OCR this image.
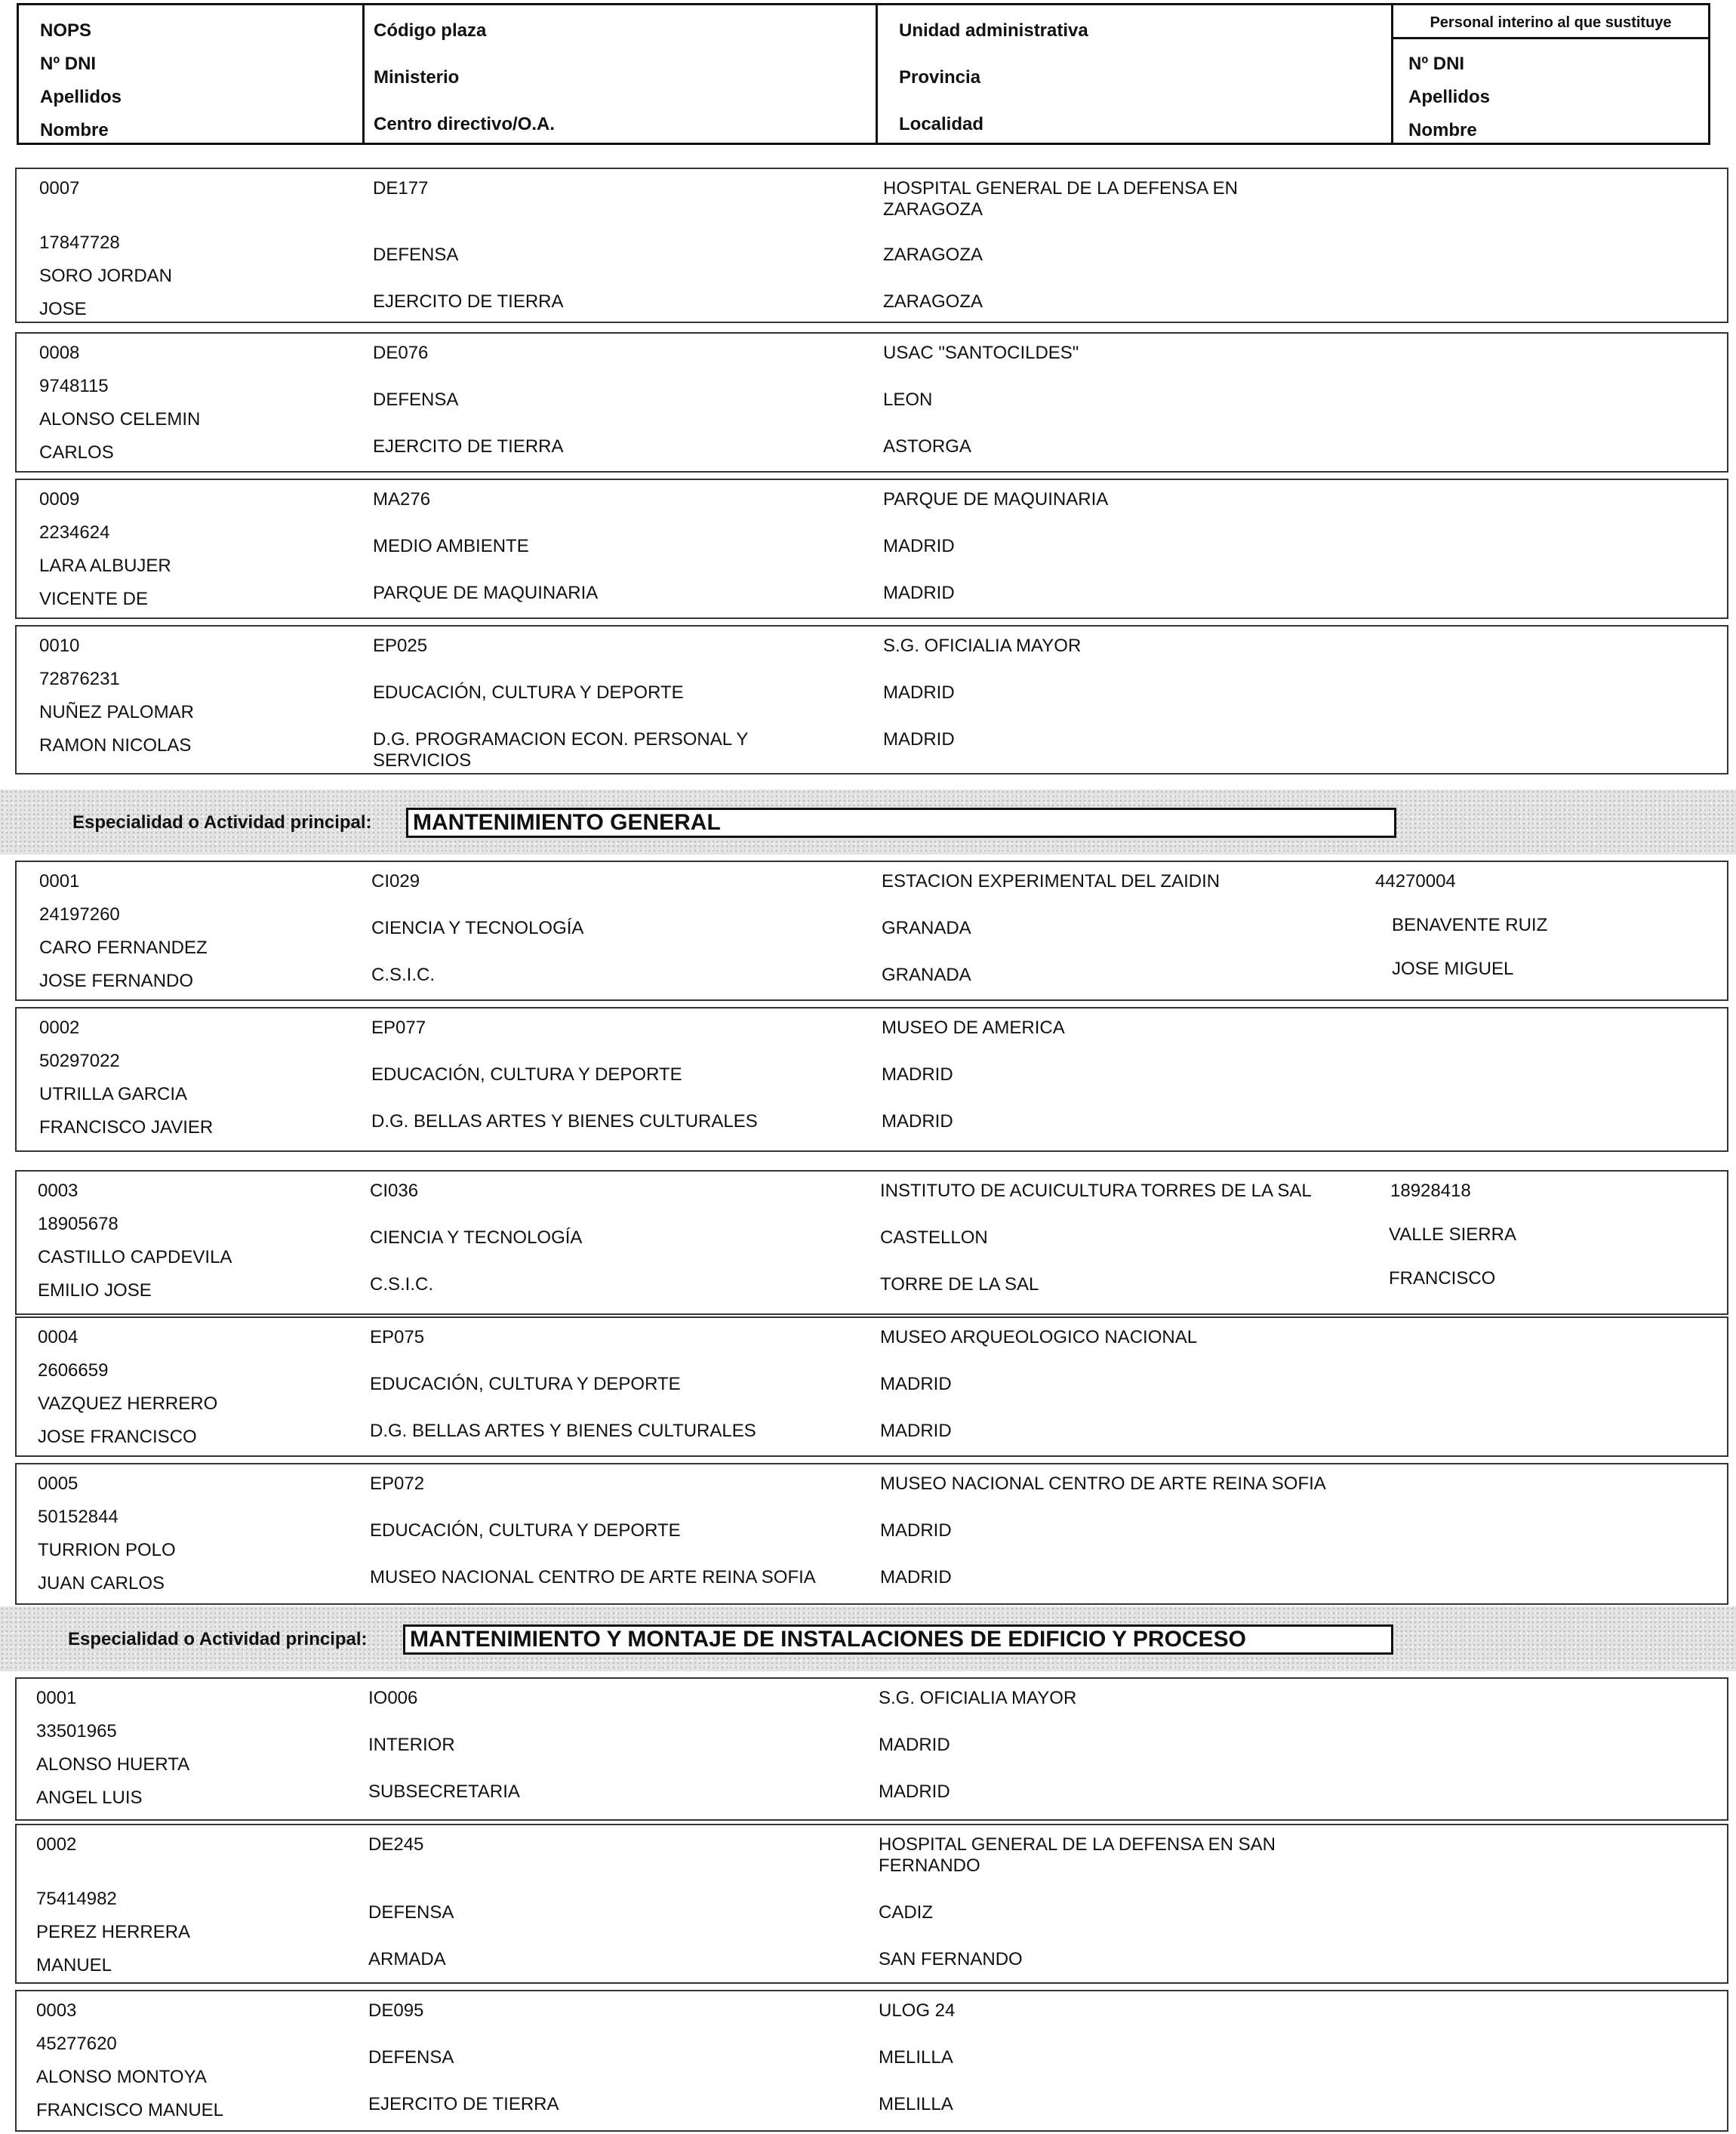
NOPS
Nº DNI
Apellidos
Nombre
Código plaza
Ministerio
Centro directivo/O.A.
Unidad administrativa
Provincia
Localidad
Personal interino al que sustituye
Nº DNI
Apellidos
Nombre
0007
17847728
SORO JORDAN
JOSE
DE177
DEFENSA
EJERCITO DE TIERRA
HOSPITAL GENERAL DE LA DEFENSA EN ZARAGOZA
ZARAGOZA
ZARAGOZA
0008
9748115
ALONSO CELEMIN
CARLOS
DE076
DEFENSA
EJERCITO DE TIERRA
USAC "SANTOCILDES"
LEON
ASTORGA
0009
2234624
LARA ALBUJER
VICENTE DE
MA276
MEDIO AMBIENTE
PARQUE DE MAQUINARIA
PARQUE DE MAQUINARIA
MADRID
MADRID
0010
72876231
NUÑEZ PALOMAR
RAMON NICOLAS
EP025
EDUCACIÓN, CULTURA Y DEPORTE
D.G. PROGRAMACION ECON. PERSONAL Y SERVICIOS
S.G. OFICIALIA MAYOR
MADRID
MADRID
Especialidad o Actividad principal:	MANTENIMIENTO GENERAL
0001
24197260
CARO FERNANDEZ
JOSE FERNANDO
CI029
CIENCIA Y TECNOLOGÍA
C.S.I.C.
ESTACION EXPERIMENTAL DEL ZAIDIN
GRANADA
GRANADA
44270004
BENAVENTE RUIZ
JOSE MIGUEL
0002
50297022
UTRILLA GARCIA
FRANCISCO JAVIER
EP077
EDUCACIÓN, CULTURA Y DEPORTE
D.G. BELLAS ARTES Y BIENES CULTURALES
MUSEO DE AMERICA
MADRID
MADRID
0003
18905678
CASTILLO CAPDEVILA
EMILIO JOSE
CI036
CIENCIA Y TECNOLOGÍA
C.S.I.C.
INSTITUTO DE ACUICULTURA TORRES DE LA SAL
CASTELLON
TORRE DE LA SAL
18928418
VALLE SIERRA
FRANCISCO
0004
2606659
VAZQUEZ HERRERO
JOSE FRANCISCO
EP075
EDUCACIÓN, CULTURA Y DEPORTE
D.G. BELLAS ARTES Y BIENES CULTURALES
MUSEO ARQUEOLOGICO NACIONAL
MADRID
MADRID
0005
50152844
TURRION POLO
JUAN CARLOS
EP072
EDUCACIÓN, CULTURA Y DEPORTE
MUSEO NACIONAL CENTRO DE ARTE REINA SOFIA
MUSEO NACIONAL CENTRO DE ARTE REINA SOFIA
MADRID
MADRID
Especialidad o Actividad principal:	MANTENIMIENTO Y MONTAJE DE INSTALACIONES DE EDIFICIO Y PROCESO
0001
33501965
ALONSO HUERTA
ANGEL LUIS
IO006
INTERIOR
SUBSECRETARIA
S.G. OFICIALIA MAYOR
MADRID
MADRID
0002
75414982
PEREZ HERRERA
MANUEL
DE245
DEFENSA
ARMADA
HOSPITAL GENERAL DE LA DEFENSA EN SAN FERNANDO
CADIZ
SAN FERNANDO
0003
45277620
ALONSO MONTOYA
FRANCISCO MANUEL
DE095
DEFENSA
EJERCITO DE TIERRA
ULOG 24
MELILLA
MELILLA
